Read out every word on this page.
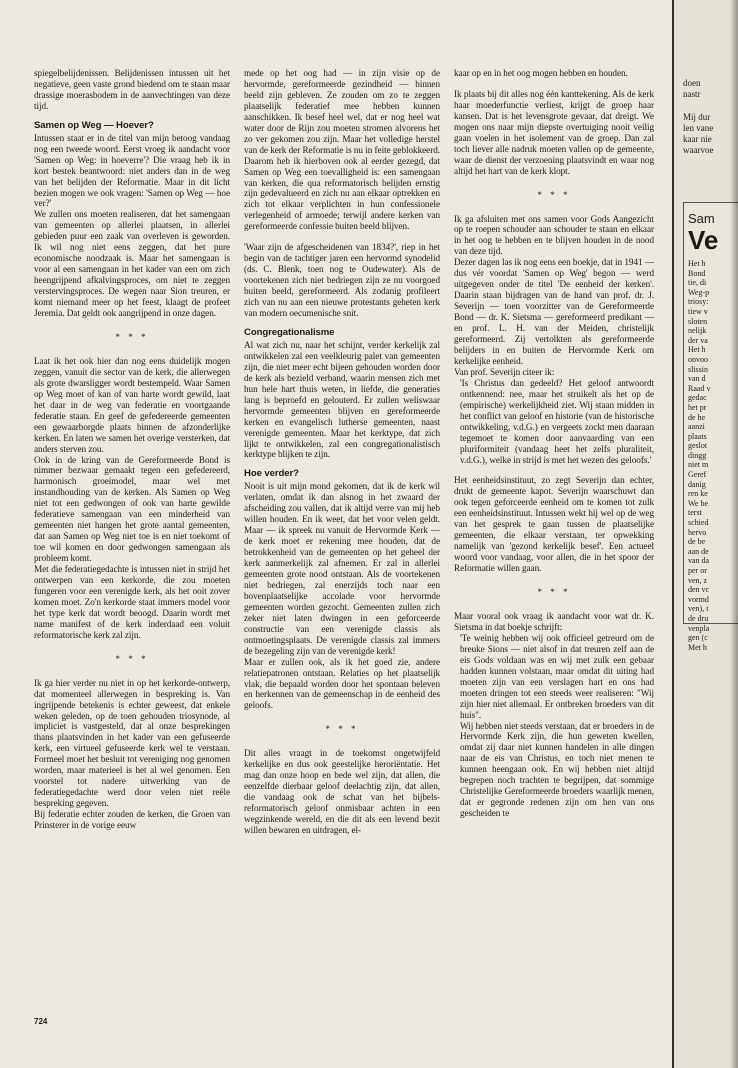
spiegelbelijdenissen. Belijdenissen intussen uit het negatieve, geen vaste grond biedend om te staan maar drassige moerasbodem in de aanvechtingen van deze tijd.

Samen op Weg — Hoever?

Intussen staat er in de titel van mijn betoog vandaag nog een tweede woord. Eerst vroeg ik aandacht voor 'Samen op Weg: in hoeverre'? Die vraag heb ik in kort bestek beantwoord: niet anders dan in de weg van het belijden der Reformatie. Maar in dit licht bezien mogen we ook vragen: 'Samen op Weg — hoe ver?'

We zullen ons moeten realiseren, dat het samengaan van gemeenten op allerlei plaatsen, in allerlei gebieden puur een zaak van overleven is geworden. Ik wil nog niet eens zeggen, dat het pure economische noodzaak is. Maar het samengaan is voor al een samengaan in het kader van een om zich heengrijpend afkalvingsproces, om niet te zeggen verstervingsproces. De wegen naar Sion treuren, er komt niemand meer op het feest, klaagt de profeet Jeremia. Dat geldt ook aangrijpend in onze dagen.

* * *

Laat ik het ook hier dan nog eens duidelijk mogen zeggen, vanuit die sector van de kerk, die allerwegen als grote dwarsligger wordt bestempeld. Waar Samen op Weg moet of kan of van harte wordt gewild, laat het daar in de weg van federatie en voortgaande federatie staan. En geef de gefedereerde gemeenten een gewaarborgde plaats binnen de afzonderlijke kerken. En laten we samen het overige versterken, dat anders sterven zou.

Ook in de kring van de Gereformeerde Bond is nimmer bezwaar gemaakt tegen een gefedereerd, harmonisch groeimodel, maar wel met instandhouding van de kerken. Als Samen op Weg niet tot een gedwongen of ook van harte gewilde federatieve samengaan van een minderheid van gemeenten niet hangen het grote aantal gemeenten, dat aan Samen op Weg niet toe is en niet toekomt of toe wil komen en door gedwongen samengaan als probleem komt.

Met die federatiegedachte is intussen niet in strijd het ontwerpen van een kerkorde, die zou moeten fungeren voor een verenigde kerk, als het ooit zover komen moet. Zo'n kerkorde staat immers model voor het type kerk dat wordt beoogd. Daarin wordt met name manifest of de kerk inderdaad een voluit reformatorische kerk zal zijn.

* * *

Ik ga hier verder nu niet in op het kerkorde-ontwerp, dat momenteel allerwegen in bespreking is. Van ingrijpende betekenis is echter geweest, dat enkele weken geleden, op de toen gehouden triosynode, al impliciet is vastgesteld, dat al onze besprekingen thans plaatsvinden in het kader van een gefuseerde kerk, een virtueel gefuseerde kerk wel te verstaan. Formeel moet het besluit tot vereniging nog genomen worden, maar materieel is het al wel genomen. Een voorstel tot nadere uitwerking van de federatiegedachte werd door velen niet reële bespreking gegeven.

Bij federatie echter zouden de kerken, die Groen van Prinsterer in de vorige eeuw

mede op het oog had — in zijn visie op de hervormde, gereformeerde gezindheid — binnen beeld zijn gebleven. Ze zouden om zo te zeggen plaatselijk federatief mee hebben kunnen aanschikken. Ik besef heel wel, dat er nog heel wat water door de Rijn zou moeten stromen alvorens het zo ver gekomen zou zijn. Maar het volledige herstel van de kerk der Reformatie is nu in feite geblokkeerd. Daarom heb ik hierboven ook al eerder gezegd, dat Samen op Weg een toevalligheid is: een samengaan van kerken, die qua reformatorisch belijden ernstig zijn gedevalueerd en zich nu aan elkaar optrekken en zich tot elkaar verplichten in hun confessionele verlegenheid of armoede; terwijl andere kerken van gereformeerde confessie buiten beeld blijven.

'Waar zijn de afgescheidenen van 1834?', riep in het begin van de tachtiger jaren een hervormd synodelid (ds. C. Blenk, toen nog te Oudewater). Als de voortekenen zich niet bedriegen zijn ze nu voorgoed buiten beeld, gereformeerd. Als zodanig profileert zich van nu aan een nieuwe protestants geheten kerk van modern oecumenische snit.

Congregationalisme

Al wat zich nu, naar het schijnt, verder kerkelijk zal ontwikkelen zal een veelkleurig palet van gemeenten zijn, die niet meer echt bijeen gehouden worden door de kerk als bezield verband, waarin mensen zich met hun hele hart thuis weten, in liefde, die generaties lang is beproefd en gelouterd. Er zullen weliswaar hervormde gemeenten blijven en gereformeerde kerken en evangelisch lutherse gemeenten, naast verenigde gemeenten. Maar het kerktype, dat zich lijkt te ontwikkelen, zal een congregationalistisch kerktype blijken te zijn.

Hoe verder?

Nooit is uit mijn mond gekomen, dat ik de kerk wil verlaten, omdat ik dan alsnog in het zwaard der afscheiding zou vallen, dat ik altijd verre van mij heb willen houden. En ik weet, dat het voor velen geldt. Maar — ik spreek nu vanuit de Hervormde Kerk — de kerk moet er rekening mee houden, dat de betrokkenheid van de gemeenten op het geheel der kerk aanmerkelijk zal afnemen. Er zal in allerlei gemeenten grote nood ontstaan. Als de voortekenen niet bedriegen, zal enerzijds toch naar een bovenplaatselijke accolade voor hervormde gemeenten worden gezocht. Gemeenten zullen zich zeker niet laten dwingen in een geforceerde constructie van een verenigde classis als ontmoetingsplaats. De verenigde classis zal immers de bezegeling zijn van de verenigde kerk!

Maar er zullen ook, als ik het goed zie, andere relatiepatronen ontstaan. Relaties op het plaatselijk vlak, die bepaald worden door het spontaan beleven en herkennen van de gemeenschap in de eenheid des geloofs.

* * *

Dit alles vraagt in de toekomst ongetwijfeld kerkelijke en dus ook geestelijke heroriëntatie. Het mag dan onze hoop en bede wel zijn, dat allen, die eenzelfde dierbaar geloof deelachtig zijn, dat allen, die vandaag ook de schat van het bijbels-reformatorisch geloof onmisbaar achten in een wegzinkende wereld, en die dit als een levend bezit willen bewaren en uitdragen, el-

kaar op en in het oog mogen hebben en houden.

Ik plaats bij dit alles nog één kanttekening. Als de kerk haar moederfunctie verliest, krijgt de groep haar kansen. Dat is het levensgrote gevaar, dat dreigt. We mogen ons naar mijn diepste overtuiging nooit veilig gaan voelen in het isolement van de groep. Dan zal toch liever alle nadruk moeten vallen op de gemeente, waar de dienst der verzoening plaatsvindt en waar nog altijd het hart van de kerk klopt.

* * *

Ik ga afsluiten met ons samen voor Gods Aangezicht op te roepen schouder aan schouder te staan en elkaar in het oog te hebben en te blijven houden in de nood van deze tijd.

Dezer dagen las ik nog eens een boekje, dat in 1941 — dus vér voordat 'Samen op Weg' begon — werd uitgegeven onder de titel 'De eenheid der kerken'. Daarin staan bijdragen van de hand van prof. dr. J. Severijn — toen voorzitter van de Gereformeerde Bond — dr. K. Sietsma — gereformeerd predikant — en prof. L. H. van der Meiden, christelijk gereformeerd. Zij vertolkten als gereformeerde belijders in en buiten de Hervormde Kerk om kerkelijke eenheid.

Van prof. Severijn citeer ik:

'Is Christus dan gedeeld? Het geloof antwoordt ontkennend: nee, maar het struikelt als het op de (empirische) werkelijkheid ziet. Wij staan midden in het conflict van geloof en historie (van de historische ontwikkeling, v.d.G.) en vergeets zockt men daaraan tegemoet te komen door aanvaarding van een pluriformiteit (vandaag heet het zelfs pluraliteit, v.d.G.), welke in strijd is met het wezen des geloofs.'

Het eenheidsinstituut, zo zegt Severijn dan echter, drukt de gemeente kapot. Severijn waarschuwt dan ook tegen geforceerde eenheid om te komen tot zulk een eenheidsinstituut. Intussen wekt hij wel op de weg van het gesprek te gaan tussen de plaatselijke gemeenten, die elkaar verstaan, ter opwekking namelijk van 'gezond kerkelijk besef'. Een actueel woord voor vandaag, voor allen, die in het spoor der Reformatie willen gaan.

* * *

Maar vooral ook vraag ik aandacht voor wat dr. K. Sietsma in dat boekje schrijft:

'Te weinig hebben wij ook officieel getreurd om de breuke Sions — niet alsof in dat treuren zelf aan de eis Gods voldaan was en wij met zulk een gebaar hadden kunnen volstaan, maar omdat dit uiting had moeten zijn van een verslagen hart en ons had moeten dringen tot een steeds weer realiseren: "Wij zijn hier niet allemaal. Er ontbreken broeders van dit huis".
Wij hebben niet steeds verstaan, dat er broeders in de Hervormde Kerk zijn, die hun geweten kwellen, omdat zij daar niet kunnen handelen in alle dingen naar de eis van Christus, en toch niet menen te kunnen heengaan ook. En wij hebben niet altijd begrepen noch trachten te begrijpen, dat sommige Christelijke Gereformeerde broeders waarlijk menen, dat er gegronde redenen zijn om hen van ons gescheiden te
724
doen
nastr
Mij dur
len vane
kaar nie
waarvoe
Sam
Ve
Het h
Bond
tie, di
Weg-p
triosy:
tiew v
sloten
nelijk
der va
Het h
onvoo
slissin
van d
Raad v
gedac
het pr
de he
aanzi
plaats
geslot
dingg
niet m
Geref
danig
ren ke
We be
terst
schied
hervo
de be
aan de
van da
per or
ven, z
den vc
vormd
ven), t
de dru
venpla
gen (c
Met h
